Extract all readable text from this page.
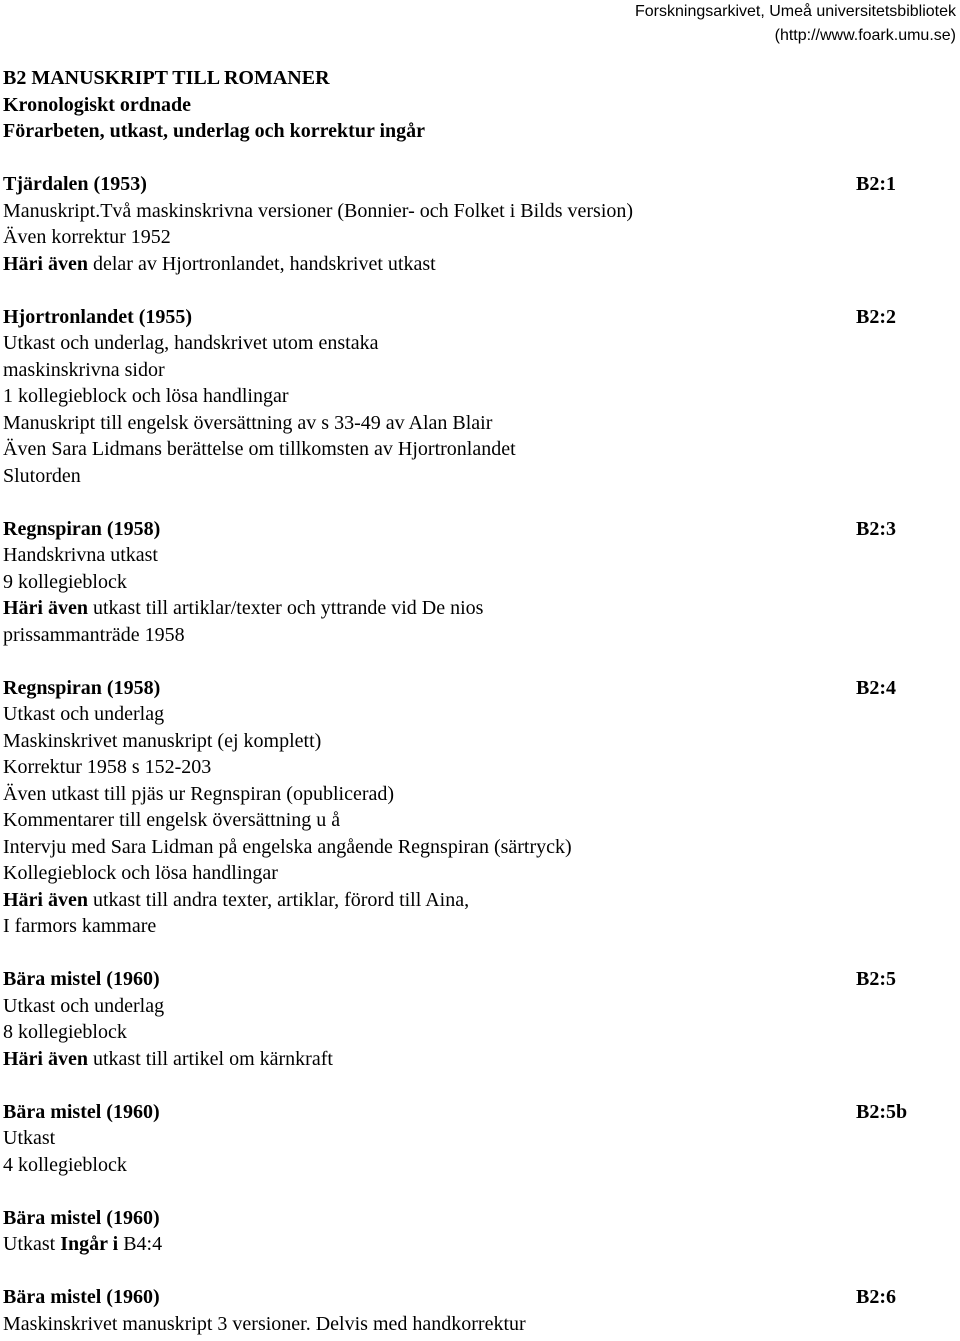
Forskningsarkivet, Umeå universitetsbibliotek
(http://www.foark.umu.se)
B2 MANUSKRIPT TILL ROMANER
Kronologiskt ordnade
Förarbeten, utkast, underlag och korrektur ingår
Tjärdalen (1953)	B2:1
Manuskript.Två maskinskrivna versioner (Bonnier- och Folket i Bilds version)
Även korrektur 1952
Häri även delar av Hjortronlandet, handskrivet utkast
Hjortronlandet (1955)	B2:2
Utkast och underlag, handskrivet utom enstaka
maskinskrivna sidor
1 kollegieblock och lösa handlingar
Manuskript till engelsk översättning av s 33-49 av Alan Blair
Även Sara Lidmans berättelse om tillkomsten av Hjortronlandet
Slutorden
Regnspiran (1958)	B2:3
Handskrivna utkast
9 kollegieblock
Häri även utkast till artiklar/texter och yttrande vid De nios
prissammanträde 1958
Regnspiran (1958)	B2:4
Utkast och underlag
Maskinskrivet manuskript (ej komplett)
Korrektur 1958 s 152-203
Även utkast till pjäs ur Regnspiran (opublicerad)
Kommentarer till engelsk översättning u å
Intervju med Sara Lidman på engelska angående Regnspiran (särtryck)
Kollegieblock och lösa handlingar
Häri även utkast till andra texter, artiklar, förord till Aina,
I farmors kammare
Bära mistel (1960)	B2:5
Utkast och underlag
8 kollegieblock
Häri även utkast till artikel om kärnkraft
Bära mistel (1960)	B2:5b
Utkast
4 kollegieblock
Bära mistel (1960)
Utkast Ingår i B4:4
Bära mistel (1960)	B2:6
Maskinskrivet manuskript 3 versioner. Delvis med handkorrektur
